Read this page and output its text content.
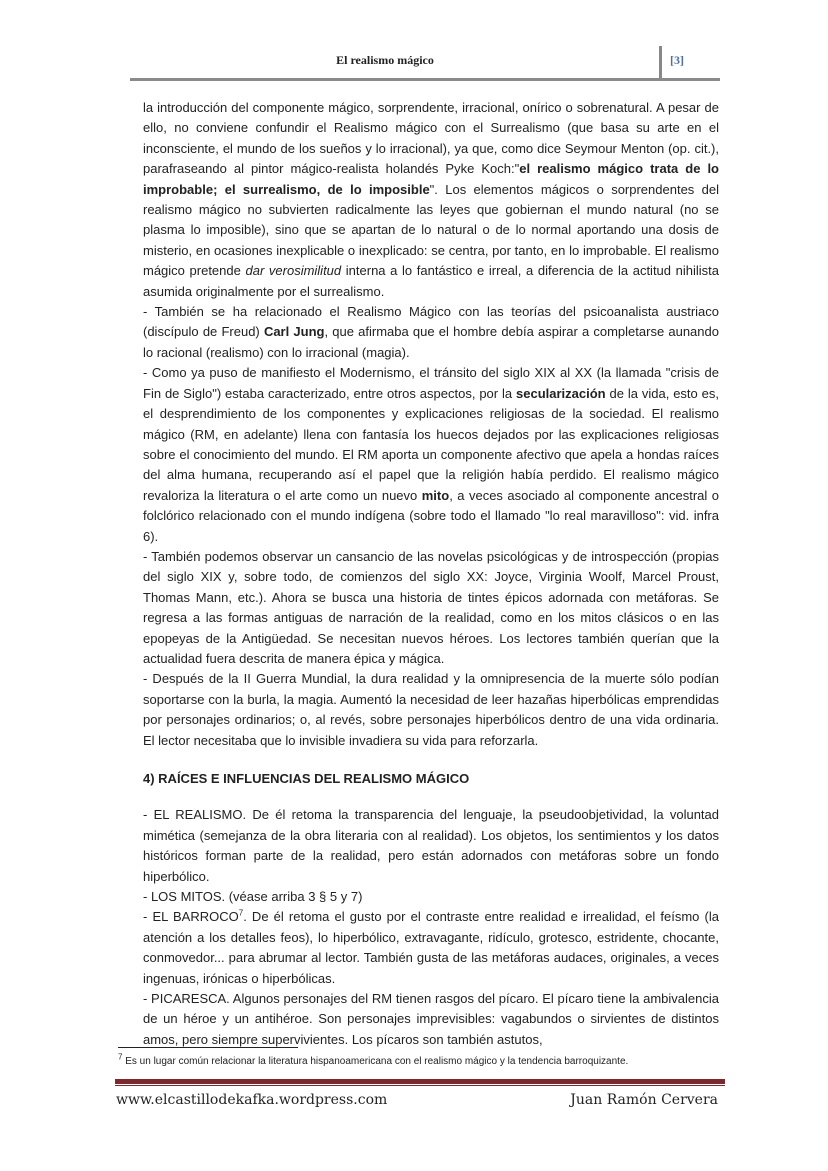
El realismo mágico	[3]

la introducción del componente mágico, sorprendente, irracional, onírico o sobrenatural. A pesar de ello, no conviene confundir el Realismo mágico con el Surrealismo (que basa su arte en el inconsciente, el mundo de los sueños y lo irracional), ya que, como dice Seymour Menton (op. cit.), parafraseando al pintor mágico-realista holandés Pyke Koch:"el realismo mágico trata de lo improbable; el surrealismo, de lo imposible". Los elementos mágicos o sorprendentes del realismo mágico no subvierten radicalmente las leyes que gobiernan el mundo natural (no se plasma lo imposible), sino que se apartan de lo natural o de lo normal aportando una dosis de misterio, en ocasiones inexplicable o inexplicado: se centra, por tanto, en lo improbable. El realismo mágico pretende dar verosimilitud interna a lo fantástico e irreal, a diferencia de la actitud nihilista asumida originalmente por el surrealismo.

- También se ha relacionado el Realismo Mágico con las teorías del psicoanalista austriaco (discípulo de Freud) Carl Jung, que afirmaba que el hombre debía aspirar a completarse aunando lo racional (realismo) con lo irracional (magia).

- Como ya puso de manifiesto el Modernismo, el tránsito del siglo XIX al XX (la llamada "crisis de Fin de Siglo") estaba caracterizado, entre otros aspectos, por la secularización de la vida, esto es, el desprendimiento de los componentes y explicaciones religiosas de la sociedad. El realismo mágico (RM, en adelante) llena con fantasía los huecos dejados por las explicaciones religiosas sobre el conocimiento del mundo. El RM aporta un componente afectivo que apela a hondas raíces del alma humana, recuperando así el papel que la religión había perdido. El realismo mágico revaloriza la literatura o el arte como un nuevo mito, a veces asociado al componente ancestral o folclórico relacionado con el mundo indígena (sobre todo el llamado "lo real maravilloso": vid. infra 6).

- También podemos observar un cansancio de las novelas psicológicas y de introspección (propias del siglo XIX y, sobre todo, de comienzos del siglo XX: Joyce, Virginia Woolf, Marcel Proust, Thomas Mann, etc.). Ahora se busca una historia de tintes épicos adornada con metáforas. Se regresa a las formas antiguas de narración de la realidad, como en los mitos clásicos o en las epopeyas de la Antigüedad. Se necesitan nuevos héroes. Los lectores también querían que la actualidad fuera descrita de manera épica y mágica.

- Después de la II Guerra Mundial, la dura realidad y la omnipresencia de la muerte sólo podían soportarse con la burla, la magia. Aumentó la necesidad de leer hazañas hiperbólicas emprendidas por personajes ordinarios; o, al revés, sobre personajes hiperbólicos dentro de una vida ordinaria. El lector necesitaba que lo invisible invadiera su vida para reforzarla.

4) RAÍCES E INFLUENCIAS DEL REALISMO MÁGICO

- EL REALISMO. De él retoma la transparencia del lenguaje, la pseudoobjetividad, la voluntad mimética (semejanza de la obra literaria con al realidad). Los objetos, los sentimientos y los datos históricos forman parte de la realidad, pero están adornados con metáforas sobre un fondo hiperbólico.

- LOS MITOS. (véase arriba 3 § 5 y 7)

- EL BARROCO$^7$. De él retoma el gusto por el contraste entre realidad e irrealidad, el feísmo (la atención a los detalles feos), lo hiperbólico, extravagante, ridículo, grotesco, estridente, chocante, conmovedor... para abrumar al lector. También gusta de las metáforas audaces, originales, a veces ingenuas, irónicas o hiperbólicas.

- PICARESCA. Algunos personajes del RM tienen rasgos del pícaro. El pícaro tiene la ambivalencia de un héroe y un antihéroe. Son personajes imprevisibles: vagabundos o sirvientes de distintos amos, pero siempre supervivientes. Los pícaros son también astutos,

$^7$ Es un lugar común relacionar la literatura hispanoamericana con el realismo mágico y la tendencia barroquizante.
www.elcastillodekafka.wordpress.com	Juan Ramón Cervera
